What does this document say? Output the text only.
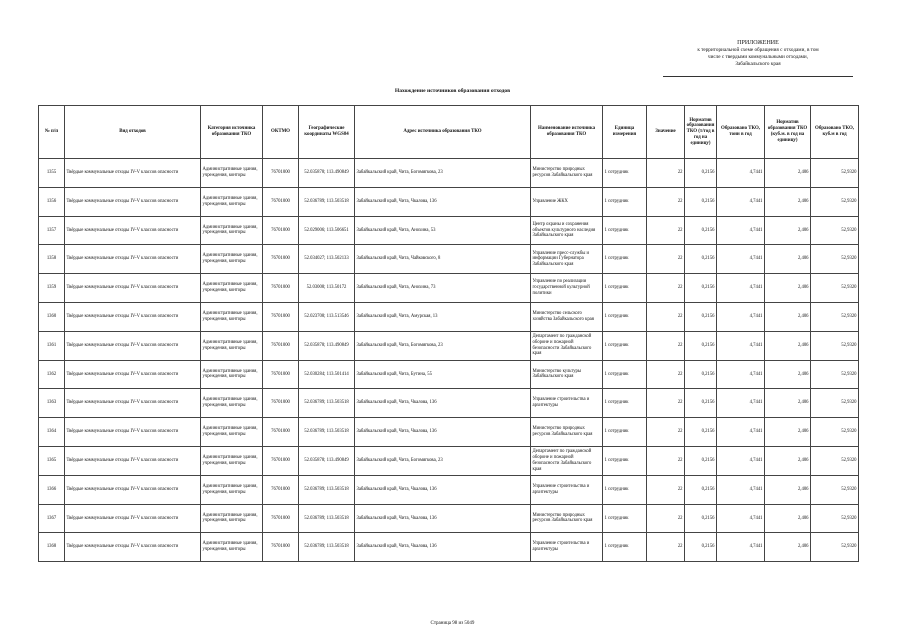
ПРИЛОЖЕНИЕ
к территориальной схеме обращения с отходами, в том
числе с твердыми коммунальными отходами,
Забайкальского края
Нахождение источников образования отходов
№ п/п	Вид отходов	Категория источника образования ТКО	ОКТМО	Географические координаты WGS84	Адрес источника образования ТКО	Наименование источника образования ТКО	Единица измерения	Значение	Норматив образования ТКО (т/год в год на единицу)	Образовано ТКО, тонн в год	Норматив образования ТКО (куб.м. в год на единицу)	Образовано ТКО, куб.м в год
1355	Твёрдые коммунальные отходы IV-V классов опасности	Административные здания, учреждения, конторы	76701000	52.035878; 113.490849	Забайкальский край, Чита, Богомягкова, 23	Министерство природных ресурсов Забайкальского края	1 сотрудник	22	0,2156	4,7441	2,406	52,9320
1356	Твёрдые коммунальные отходы IV-V классов опасности	Административные здания, учреждения, конторы	76701000	52.036789; 113.503518	Забайкальский край, Чита, Чкалова, 136	Управление ЖКХ	1 сотрудник	22	0,2156	4,7441	2,406	52,9320
1357	Твёрдые коммунальные отходы IV-V классов опасности	Административные здания, учреждения, конторы	76701000	52.029006; 113.506651	Забайкальский край, Чита, Анохина, 53	Центр охраны и сохранения объектов культурного наследия Забайкальского края	1 сотрудник	22	0,2156	4,7441	2,406	52,9320
1358	Твёрдые коммунальные отходы IV-V классов опасности	Административные здания, учреждения, конторы	76701000	52.034027; 113.502133	Забайкальский край, Чита, Чайковского, 8	Управление пресс-службы и информации Губернатора Забайкальского края	1 сотрудник	22	0,2156	4,7441	2,406	52,9320
1359	Твёрдые коммунальные отходы IV-V классов опасности	Административные здания, учреждения, конторы	76701000	52.03008; 113.50172	Забайкальский край, Чита, Анохина, 73	Управление по реализации государственной культурной политики	1 сотрудник	22	0,2156	4,7441	2,406	52,9320
1360	Твёрдые коммунальные отходы IV-V классов опасности	Административные здания, учреждения, конторы	76701000	52.023708; 113.513546	Забайкальский край, Чита, Амурская, 13	Министерство сельского хозяйства Забайкальского края	1 сотрудник	22	0,2156	4,7441	2,406	52,9320
1361	Твёрдые коммунальные отходы IV-V классов опасности	Административные здания, учреждения, конторы	76701000	52.035878; 113.490849	Забайкальский край, Чита, Богомягкова, 23	Департамент по гражданской обороне и пожарной безопасности Забайкальского края	1 сотрудник	22	0,2156	4,7441	2,406	52,9320
1362	Твёрдые коммунальные отходы IV-V классов опасности	Административные здания, учреждения, конторы	76701000	52.030284; 113.501414	Забайкальский край, Чита, Бутина, 55	Министерство культуры Забайкальского края	1 сотрудник	22	0,2156	4,7441	2,406	52,9320
1363	Твёрдые коммунальные отходы IV-V классов опасности	Административные здания, учреждения, конторы	76701000	52.036789; 113.503518	Забайкальский край, Чита, Чкалова, 136	Управление строительства и архитектуры	1 сотрудник	22	0,2156	4,7441	2,406	52,9320
1364	Твёрдые коммунальные отходы IV-V классов опасности	Административные здания, учреждения, конторы	76701000	52.036789; 113.503518	Забайкальский край, Чита, Чкалова, 136	Министерство природных ресурсов Забайкальского края	1 сотрудник	22	0,2156	4,7441	2,406	52,9320
1365	Твёрдые коммунальные отходы IV-V классов опасности	Административные здания, учреждения, конторы	76701000	52.035878; 113.490849	Забайкальский край, Чита, Богомягкова, 23	Департамент по гражданской обороне и пожарной безопасности Забайкальского края	1 сотрудник	22	0,2156	4,7441	2,406	52,9320
1366	Твёрдые коммунальные отходы IV-V классов опасности	Административные здания, учреждения, конторы	76701000	52.036789; 113.503518	Забайкальский край, Чита, Чкалова, 136	Управление строительства и архитектуры	1 сотрудник	22	0,2156	4,7441	2,406	52,9320
1367	Твёрдые коммунальные отходы IV-V классов опасности	Административные здания, учреждения, конторы	76701000	52.036789; 113.503518	Забайкальский край, Чита, Чкалова, 136	Министерство природных ресурсов Забайкальского края	1 сотрудник	22	0,2156	4,7441	2,406	52,9320
1368	Твёрдые коммунальные отходы IV-V классов опасности	Административные здания, учреждения, конторы	76701000	52.036789; 113.503518	Забайкальский край, Чита, Чкалова, 136	Управление строительства и архитектуры	1 сотрудник	22	0,2156	4,7441	2,406	52,9320
Страница 98 из 5049
